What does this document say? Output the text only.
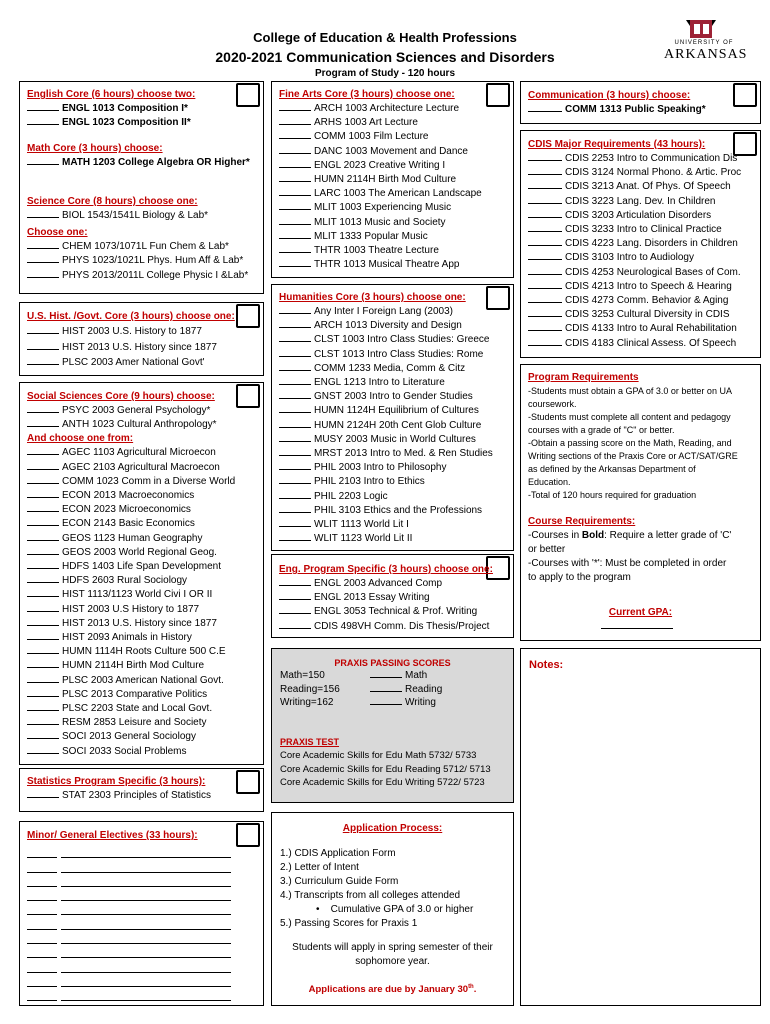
College of Education & Health Professions
2020-2021 Communication Sciences and Disorders
Program of Study - 120 hours
UNIVERSITY OF
ARKANSAS
English Core (6 hours) choose two:
ENGL 1013 Composition I*
ENGL 1023 Composition II*
Math Core (3 hours) choose:
MATH 1203 College Algebra OR Higher*
Science Core (8 hours) choose one:
BIOL 1543/1541L Biology & Lab*
Choose one:
CHEM 1073/1071L Fun Chem & Lab*
PHYS 1023/1021L Phys. Hum Aff & Lab*
PHYS 2013/2011L College Physic I &Lab*
U.S. Hist. /Govt. Core (3 hours) choose one:
HIST 2003 U.S. History to 1877
HIST 2013 U.S. History since 1877
PLSC 2003 Amer National Govt'
Social Sciences Core (9 hours) choose:
PSYC 2003 General Psychology*
ANTH 1023 Cultural Anthropology*
And choose one from:
AGEC 1103 Agricultural Microecon
AGEC 2103 Agricultural Macroecon
COMM 1023 Comm in a Diverse World
ECON 2013 Macroeconomics
ECON 2023 Microeconomics
ECON 2143 Basic Economics
GEOS 1123 Human Geography
GEOS 2003 World Regional Geog.
HDFS 1403 Life Span Development
HDFS 2603 Rural Sociology
HIST 1113/1123 World Civi I OR II
HIST 2003 U.S History to 1877
HIST 2013 U.S. History since 1877
HIST 2093 Animals in History
HUMN 1114H Roots Culture 500 C.E
HUMN 2114H Birth Mod Culture
PLSC 2003 American National Govt.
PLSC 2013 Comparative Politics
PLSC 2203 State and Local Govt.
RESM 2853 Leisure and Society
SOCI 2013 General Sociology
SOCI 2033 Social Problems
Statistics Program Specific (3 hours):
STAT 2303 Principles of Statistics
Minor/ General Electives (33 hours):
Fine Arts Core (3 hours) choose one:
ARCH 1003 Architecture Lecture
ARHS 1003 Art Lecture
COMM 1003 Film Lecture
DANC 1003 Movement and Dance
ENGL 2023 Creative Writing I
HUMN 2114H Birth Mod Culture
LARC 1003 The American Landscape
MLIT 1003 Experiencing Music
MLIT 1013 Music and Society
MLIT 1333 Popular Music
THTR 1003 Theatre Lecture
THTR 1013 Musical Theatre App
Humanities Core (3 hours) choose one:
Any Inter I Foreign Lang (2003)
ARCH 1013 Diversity and Design
CLST 1003 Intro Class Studies: Greece
CLST 1013 Intro Class Studies: Rome
COMM 1233 Media, Comm & Citz
ENGL 1213 Intro to Literature
GNST 2003 Intro to Gender Studies
HUMN 1124H Equilibrium of Cultures
HUMN 2124H 20th Cent Glob Culture
MUSY 2003 Music in World Cultures
MRST 2013 Intro to Med. & Ren Studies
PHIL 2003 Intro to Philosophy
PHIL 2103 Intro to Ethics
PHIL 2203 Logic
PHIL 3103 Ethics and the Professions
WLIT 1113 World Lit I
WLIT 1123 World Lit II
Eng. Program Specific (3 hours) choose one:
ENGL 2003 Advanced Comp
ENGL 2013 Essay Writing
ENGL 3053 Technical & Prof. Writing
CDIS 498VH Comm. Dis Thesis/Project
PRAXIS PASSING SCORES
Math=150
Reading=156
Writing=162
Math
Reading
Writing
PRAXIS TEST
Core Academic Skills for Edu Math 5732/ 5733
Core Academic Skills for Edu Reading 5712/ 5713
Core Academic Skills for Edu Writing 5722/ 5723
Application Process:
1.) CDIS Application Form
2.) Letter of Intent
3.) Curriculum Guide Form
4.) Transcripts from all colleges attended
•    Cumulative GPA of 3.0 or higher
5.) Passing Scores for Praxis 1
Students will apply in spring semester of their
sophomore year.
Applications are due by January 30th.
Communication (3 hours) choose:
COMM 1313 Public Speaking*
CDIS Major Requirements (43 hours):
CDIS 2253 Intro to Communication Dis
CDIS 3124 Normal Phono. & Artic. Proc
CDIS 3213 Anat. Of Phys. Of Speech
CDIS 3223 Lang. Dev. In Children
CDIS 3203 Articulation Disorders
CDIS 3233 Intro to Clinical Practice
CDIS 4223 Lang. Disorders in Children
CDIS 3103 Intro to Audiology
CDIS 4253 Neurological Bases of Com.
CDIS 4213 Intro to Speech & Hearing
CDIS 4273 Comm. Behavior & Aging
CDIS 3253 Cultural Diversity in CDIS
CDIS 4133 Intro to Aural Rehabilitation
CDIS 4183 Clinical Assess. Of Speech
Program Requirements
-Students must obtain a GPA of 3.0 or better on UA
coursework.
-Students must complete all content and pedagogy
courses with a grade of "C" or better.
-Obtain a passing score on the Math, Reading, and
Writing sections of the Praxis Core or ACT/SAT/GRE
as defined by the Arkansas Department of
Education.
-Total of 120 hours required for graduation
Course Requirements:
-Courses in Bold: Require a letter grade of 'C'
or better
-Courses with '*': Must be completed in order
to apply to the program
Current GPA:
Notes:
